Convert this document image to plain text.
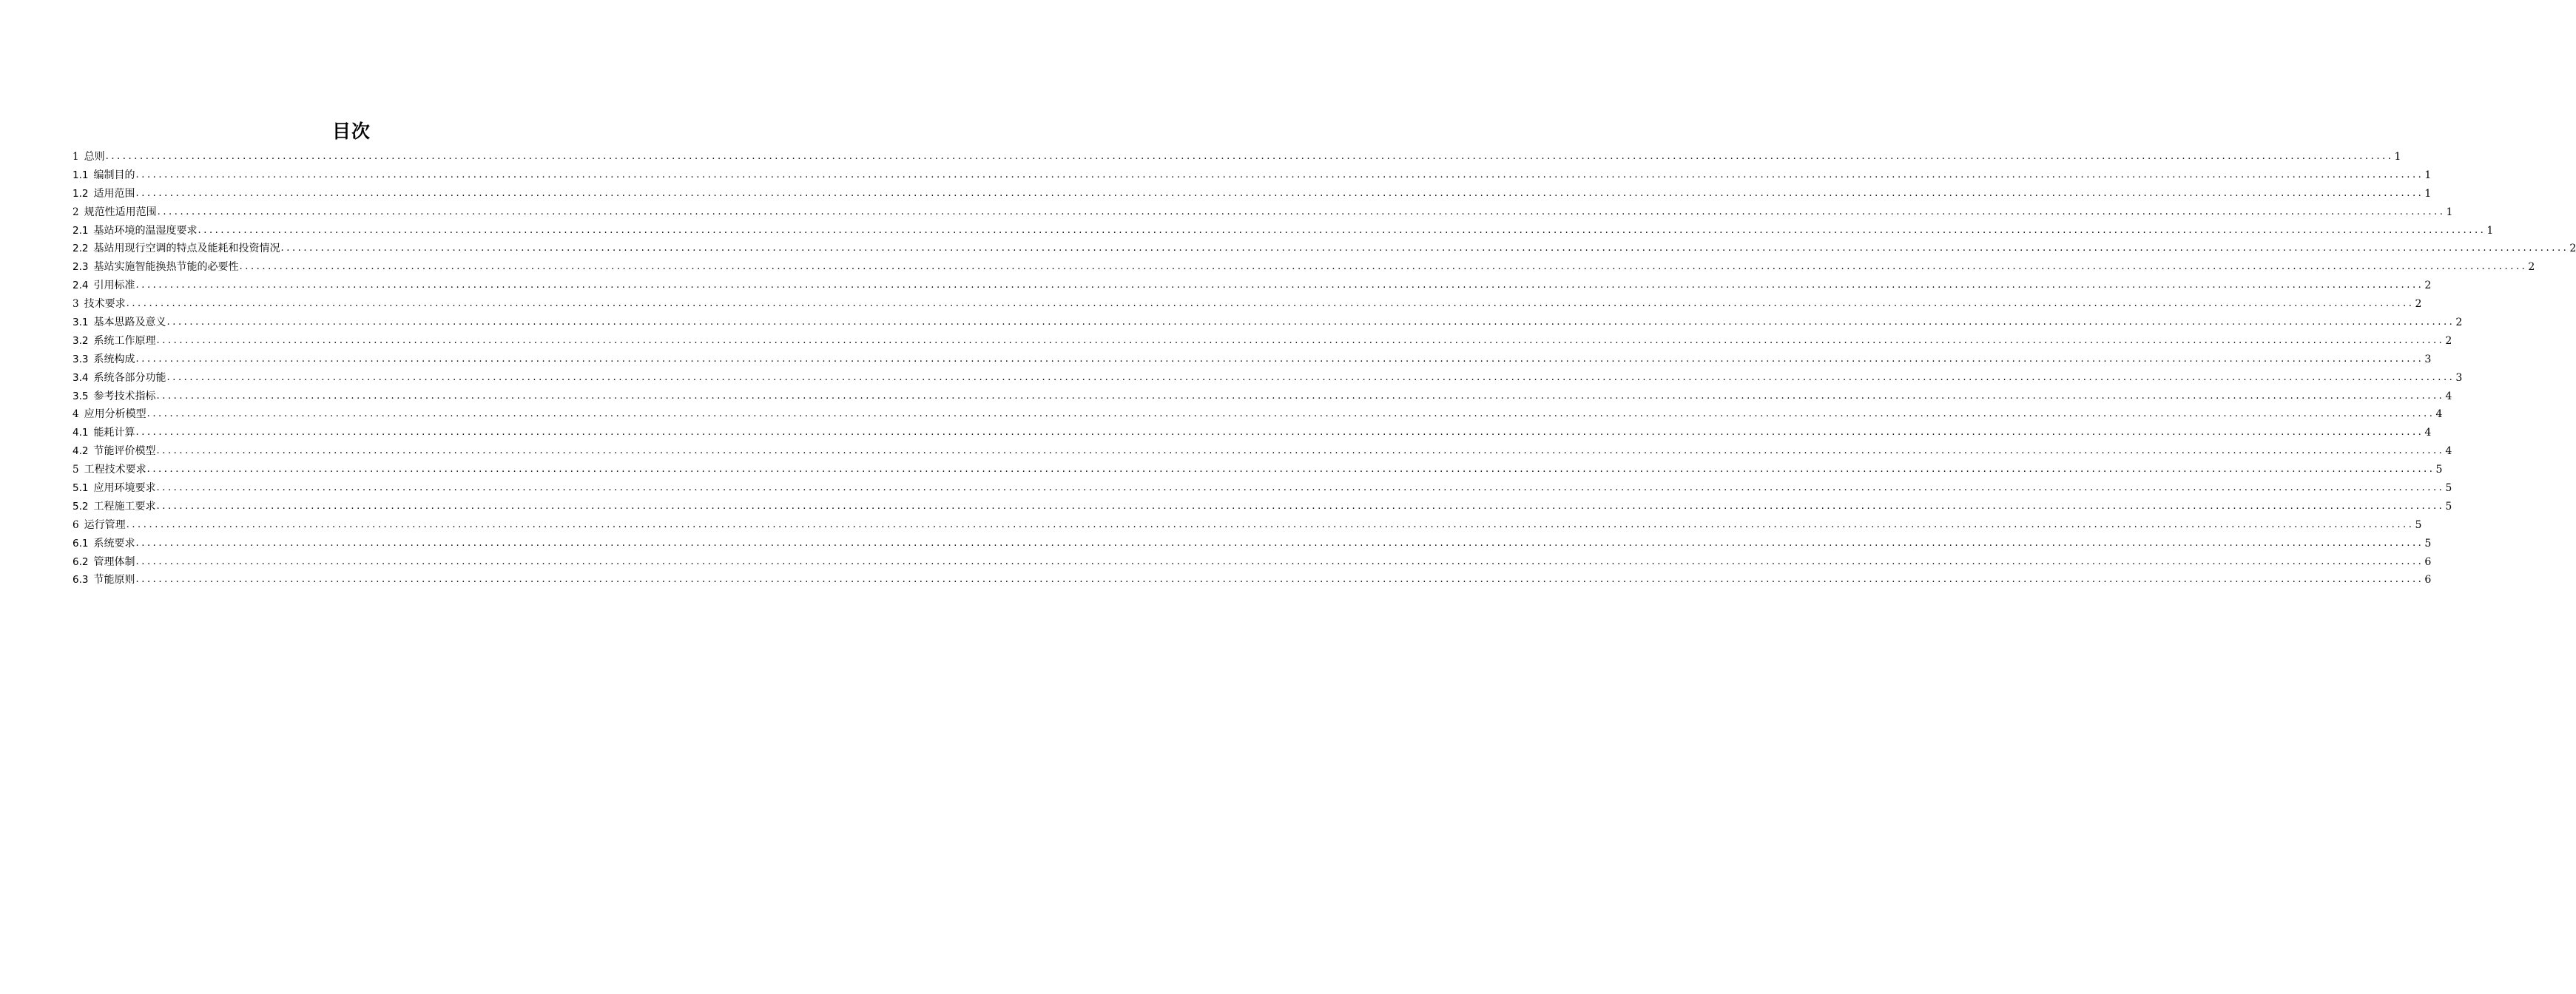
目次
1 总则 ................................................................................................................................................................................................................................................................................................................................................................................................................ 1
1.1 编制目的 ................................................................................................................................................................................................................................................................................................................................................................................................................ 1
1.2 适用范围 ................................................................................................................................................................................................................................................................................................................................................................................................................ 1
2 规范性适用范围 ................................................................................................................................................................................................................................................................................................................................................................................................................ 1
2.1 基站环境的温湿度要求 ................................................................................................................................................................................................................................................................................................................................................................................................................ 1
2.2 基站用现行空调的特点及能耗和投资情况 ................................................................................................................................................................................................................................................................................................................................................................................................................ 2
2.3 基站实施智能换热节能的必要性 ................................................................................................................................................................................................................................................................................................................................................................................................................ 2
2.4 引用标准 ................................................................................................................................................................................................................................................................................................................................................................................................................ 2
3 技术要求 ................................................................................................................................................................................................................................................................................................................................................................................................................ 2
3.1 基本思路及意义 ................................................................................................................................................................................................................................................................................................................................................................................................................ 2
3.2 系统工作原理 ................................................................................................................................................................................................................................................................................................................................................................................................................ 2
3.3 系统构成 ................................................................................................................................................................................................................................................................................................................................................................................................................ 3
3.4 系统各部分功能 ................................................................................................................................................................................................................................................................................................................................................................................................................ 3
3.5 参考技术指标 ................................................................................................................................................................................................................................................................................................................................................................................................................ 4
4 应用分析模型 ................................................................................................................................................................................................................................................................................................................................................................................................................ 4
4.1 能耗计算 ................................................................................................................................................................................................................................................................................................................................................................................................................ 4
4.2 节能评价模型 ................................................................................................................................................................................................................................................................................................................................................................................................................ 4
5 工程技术要求 ................................................................................................................................................................................................................................................................................................................................................................................................................ 5
5.1 应用环境要求 ................................................................................................................................................................................................................................................................................................................................................................................................................ 5
5.2 工程施工要求 ................................................................................................................................................................................................................................................................................................................................................................................................................ 5
6 运行管理 ................................................................................................................................................................................................................................................................................................................................................................................................................ 5
6.1 系统要求 ................................................................................................................................................................................................................................................................................................................................................................................................................ 5
6.2 管理体制 ................................................................................................................................................................................................................................................................................................................................................................................................................ 6
6.3 节能原则 ................................................................................................................................................................................................................................................................................................................................................................................................................ 6
